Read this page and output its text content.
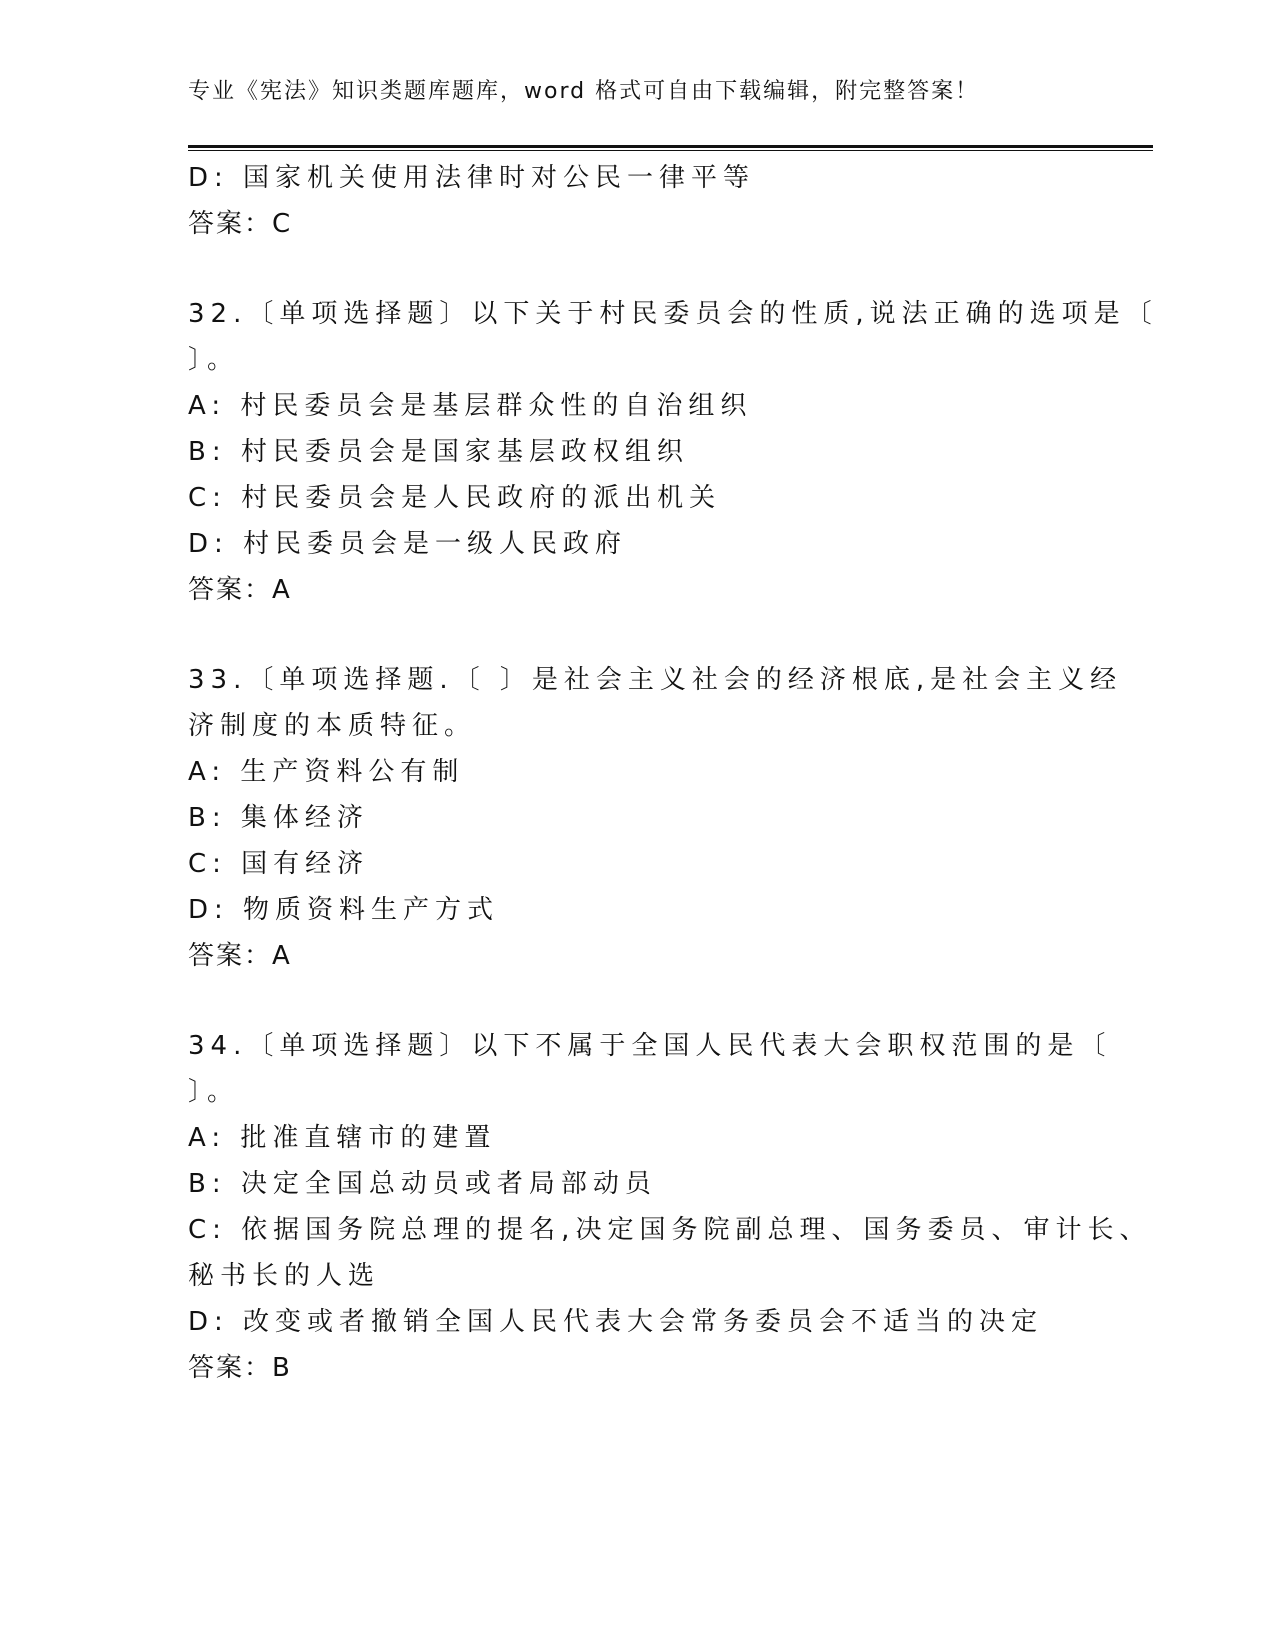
专业《宪法》知识类题库题库，word 格式可自由下载编辑，附完整答案！
D: 国家机关使用法律时对公民一律平等
答案：C
32.〔单项选择题〕以下关于村民委员会的性质,说法正确的选项是〔
〕。
A: 村民委员会是基层群众性的自治组织
B: 村民委员会是国家基层政权组织
C: 村民委员会是人民政府的派出机关
D: 村民委员会是一级人民政府
答案：A
33.〔单项选择题.〔 〕是社会主义社会的经济根底,是社会主义经
济制度的本质特征。
A: 生产资料公有制
B: 集体经济
C: 国有经济
D: 物质资料生产方式
答案：A
34.〔单项选择题〕以下不属于全国人民代表大会职权范围的是〔
〕。
A: 批准直辖市的建置
B: 决定全国总动员或者局部动员
C: 依据国务院总理的提名,决定国务院副总理、国务委员、审计长、
秘书长的人选
D: 改变或者撤销全国人民代表大会常务委员会不适当的决定
答案：B
